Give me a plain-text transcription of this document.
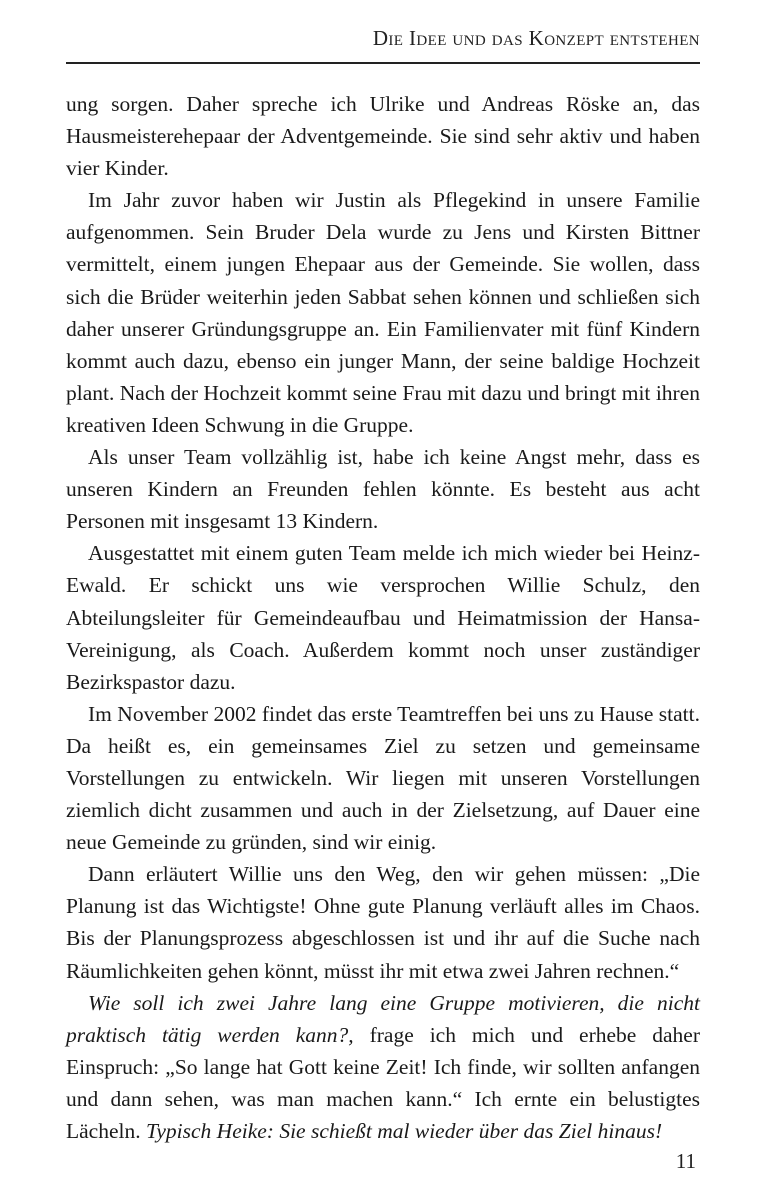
Die Idee und das Konzept entstehen

ung sorgen. Daher spreche ich Ulrike und Andreas Röske an, das Hausmeisterehepaar der Adventgemeinde. Sie sind sehr aktiv und haben vier Kinder.

Im Jahr zuvor haben wir Justin als Pflegekind in unsere Familie aufgenommen. Sein Bruder Dela wurde zu Jens und Kirsten Bittner vermittelt, einem jungen Ehepaar aus der Gemeinde. Sie wollen, dass sich die Brüder weiterhin jeden Sabbat sehen können und schließen sich daher unserer Gründungsgruppe an. Ein Familienvater mit fünf Kindern kommt auch dazu, ebenso ein junger Mann, der seine baldige Hochzeit plant. Nach der Hochzeit kommt seine Frau mit dazu und bringt mit ihren kreativen Ideen Schwung in die Gruppe.

Als unser Team vollzählig ist, habe ich keine Angst mehr, dass es unseren Kindern an Freunden fehlen könnte. Es besteht aus acht Personen mit insgesamt 13 Kindern.

Ausgestattet mit einem guten Team melde ich mich wieder bei Heinz-Ewald. Er schickt uns wie versprochen Willie Schulz, den Abteilungsleiter für Gemeindeaufbau und Heimatmission der Hansa-Vereinigung, als Coach. Außerdem kommt noch unser zuständiger Bezirkspastor dazu.

Im November 2002 findet das erste Teamtreffen bei uns zu Hause statt. Da heißt es, ein gemeinsames Ziel zu setzen und gemeinsame Vorstellungen zu entwickeln. Wir liegen mit unseren Vorstellungen ziemlich dicht zusammen und auch in der Zielsetzung, auf Dauer eine neue Gemeinde zu gründen, sind wir einig.

Dann erläutert Willie uns den Weg, den wir gehen müssen: „Die Planung ist das Wichtigste! Ohne gute Planung verläuft alles im Chaos. Bis der Planungsprozess abgeschlossen ist und ihr auf die Suche nach Räumlichkeiten gehen könnt, müsst ihr mit etwa zwei Jahren rechnen.“

Wie soll ich zwei Jahre lang eine Gruppe motivieren, die nicht praktisch tätig werden kann?, frage ich mich und erhebe daher Einspruch: „So lange hat Gott keine Zeit! Ich finde, wir sollten anfangen und dann sehen, was man machen kann.“ Ich ernte ein belustigtes Lächeln. Typisch Heike: Sie schießt mal wieder über das Ziel hinaus!

11
